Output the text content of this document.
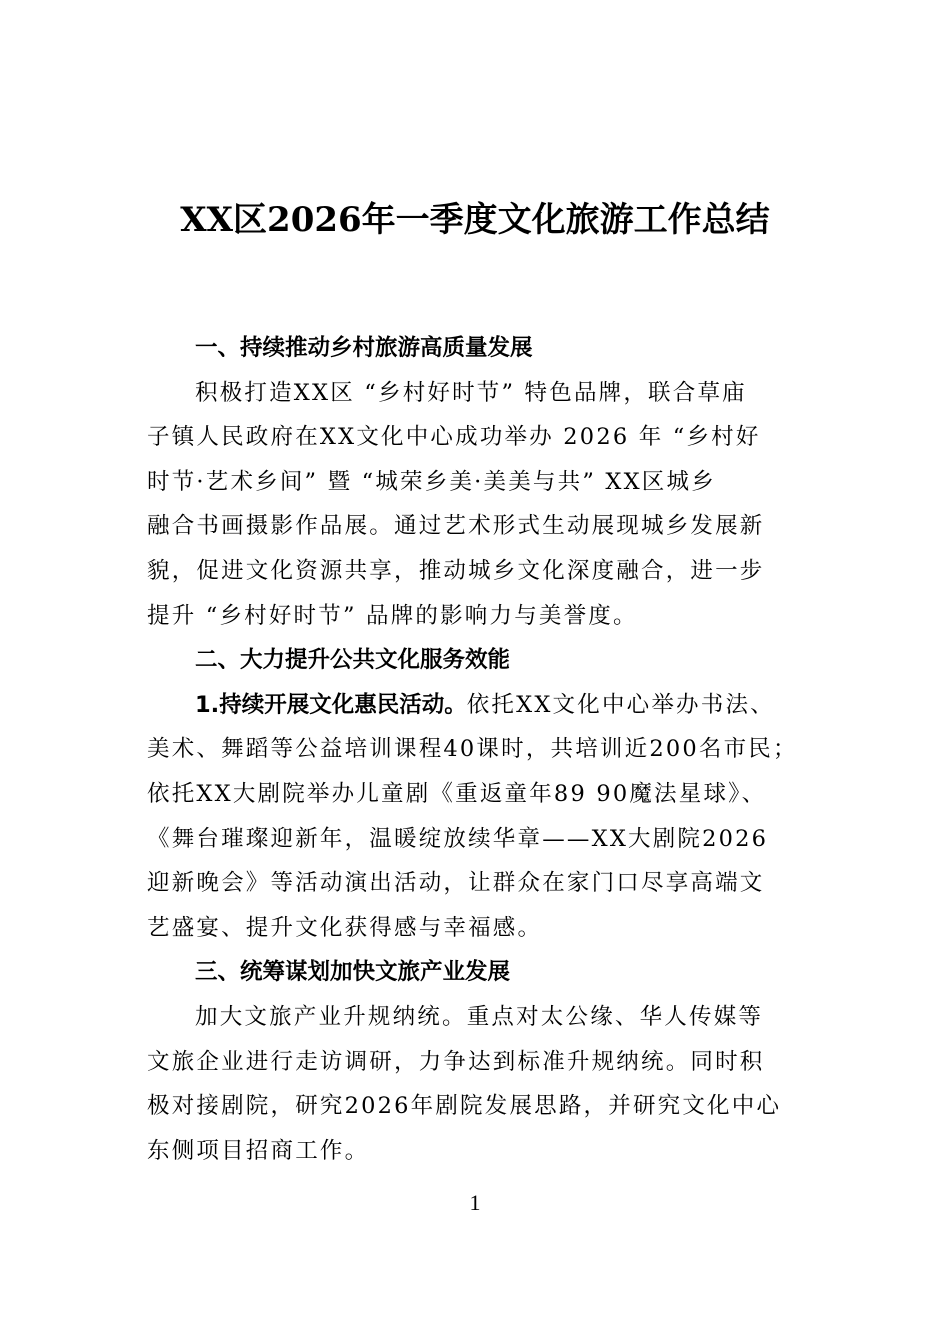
XX区2026年一季度文化旅游工作总结
一、持续推动乡村旅游高质量发展

积极打造XX区 “乡村好时节” 特色品牌，联合草庙
子镇人民政府在XX文化中心成功举办 2026 年 “乡村好
时节·艺术乡间” 暨 “城荣乡美·美美与共” XX区城乡
融合书画摄影作品展。通过艺术形式生动展现城乡发展新
貌，促进文化资源共享，推动城乡文化深度融合，进一步
提升 “乡村好时节” 品牌的影响力与美誉度。

二、大力提升公共文化服务效能

1.持续开展文化惠民活动。依托XX文化中心举办书法、
美术、舞蹈等公益培训课程40课时，共培训近200名市民；
依托XX大剧院举办儿童剧《重返童年89 90魔法星球》、
《舞台璀璨迎新年，温暖绽放续华章——XX大剧院2026
迎新晚会》等活动演出活动，让群众在家门口尽享高端文
艺盛宴、提升文化获得感与幸福感。

三、统筹谋划加快文旅产业发展

加大文旅产业升规纳统。重点对太公缘、华人传媒等
文旅企业进行走访调研，力争达到标准升规纳统。同时积
极对接剧院，研究2026年剧院发展思路，并研究文化中心
东侧项目招商工作。

1
